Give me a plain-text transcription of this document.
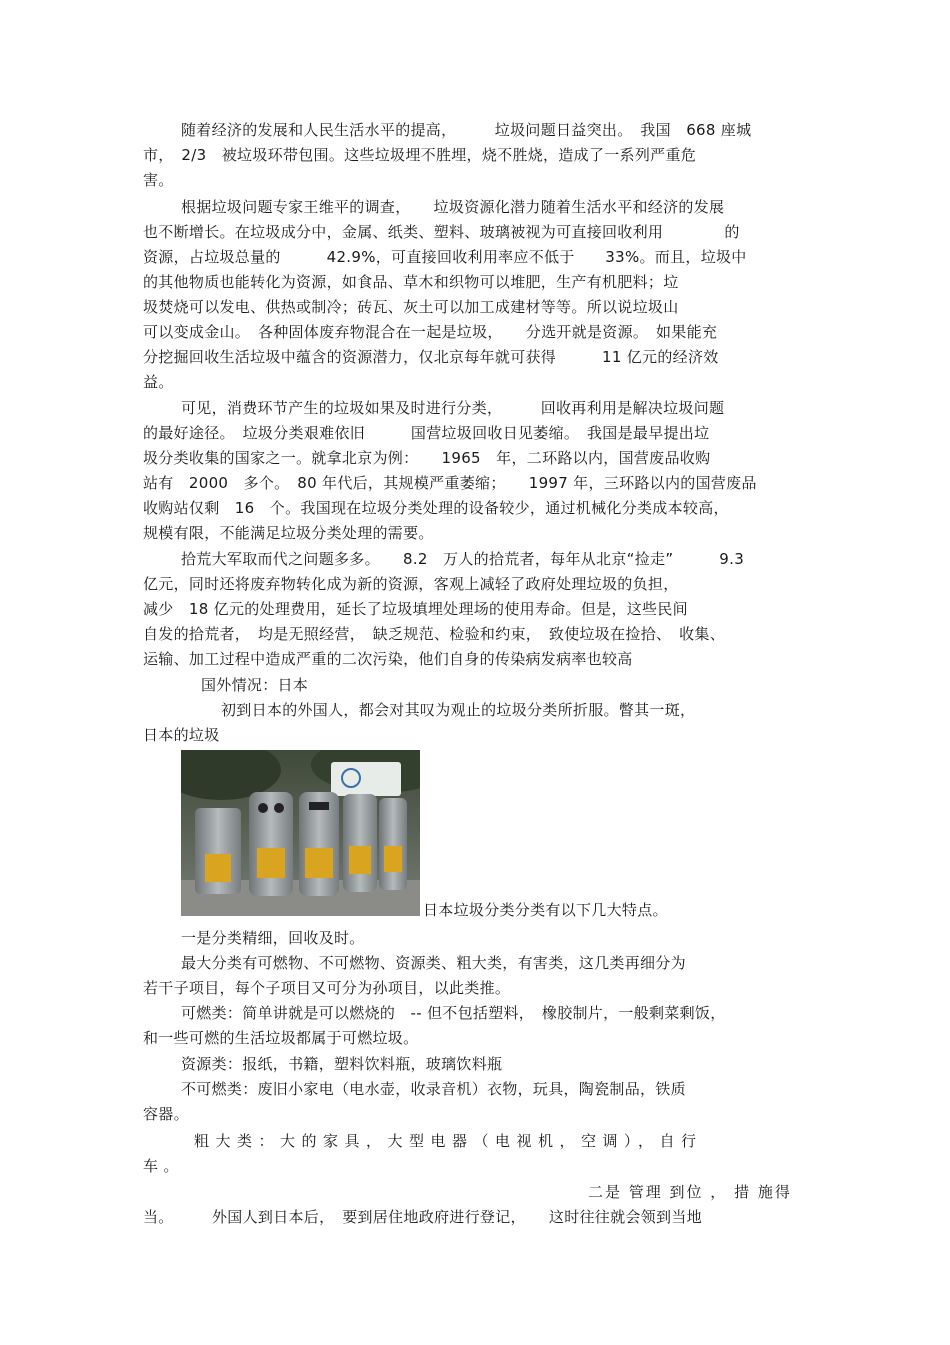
随着经济的发展和人民生活水平的提高，　　　垃圾问题日益突出。　我国　668 座城
市，　2/3　被垃圾环带包围。这些垃圾埋不胜埋，烧不胜烧，造成了一系列严重危
害。
根据垃圾问题专家王维平的调查，　　垃圾资源化潜力随着生活水平和经济的发展
也不断增长。在垃圾成分中，金属、纸类、塑料、玻璃被视为可直接回收利用　　　　的
资源，占垃圾总量的　　　42.9%，可直接回收利用率应不低于　　33%。而且，垃圾中
的其他物质也能转化为资源，如食品、草木和织物可以堆肥，生产有机肥料；垃
圾焚烧可以发电、供热或制冷；砖瓦、灰土可以加工成建材等等。所以说垃圾山
可以变成金山。　各种固体废弃物混合在一起是垃圾，　　分选开就是资源。　如果能充
分挖掘回收生活垃圾中蕴含的资源潜力，仅北京每年就可获得　　　11 亿元的经济效
益。
可见，消费环节产生的垃圾如果及时进行分类，　　　回收再利用是解决垃圾问题
的最好途径。　垃圾分类艰难依旧　　　国营垃圾回收日见萎缩。　我国是最早提出垃
圾分类收集的国家之一。就拿北京为例：　　1965　年，二环路以内，国营废品收购
站有　2000　多个。　80 年代后，其规模严重萎缩；　　1997 年，三环路以内的国营废品
收购站仅剩　16　个。我国现在垃圾分类处理的设备较少，通过机械化分类成本较高，
规模有限，不能满足垃圾分类处理的需要。
拾荒大军取而代之问题多多。　　8.2　万人的拾荒者，每年从北京“捡走”　　　9.3
亿元，同时还将废弃物转化成为新的资源，客观上减轻了政府处理垃圾的负担，
减少　18 亿元的处理费用，延长了垃圾填埋处理场的使用寿命。但是，这些民间
自发的拾荒者，　均是无照经营，　缺乏规范、检验和约束，　致使垃圾在捡拾、　收集、
运输、加工过程中造成严重的二次污染，他们自身的传染病发病率也较高
国外情况：日本
初到日本的外国人，都会对其叹为观止的垃圾分类所折服。瞥其一斑，
日本的垃圾
日本垃圾分类分类有以下几大特点。
一是分类精细，回收及时。
最大分类有可燃物、不可燃物、资源类、粗大类，有害类，这几类再细分为
若干子项目，每个子项目又可分为孙项目，以此类推。
可燃类：简单讲就是可以燃烧的　-- 但不包括塑料，　橡胶制片，一般剩菜剩饭，
和一些可燃的生活垃圾都属于可燃垃圾。
资源类：报纸，书籍，塑料饮料瓶，玻璃饮料瓶
不可燃类：废旧小家电（电水壶，收录音机）衣物，玩具，陶瓷制品，铁质
容器。
粗大类：大的家具，大型电器（电视机，空调），自行
车 。
二是 管理 到位 ， 措 施得
当。　　　外国人到日本后，　要到居住地政府进行登记，　　这时往往就会领到当地
